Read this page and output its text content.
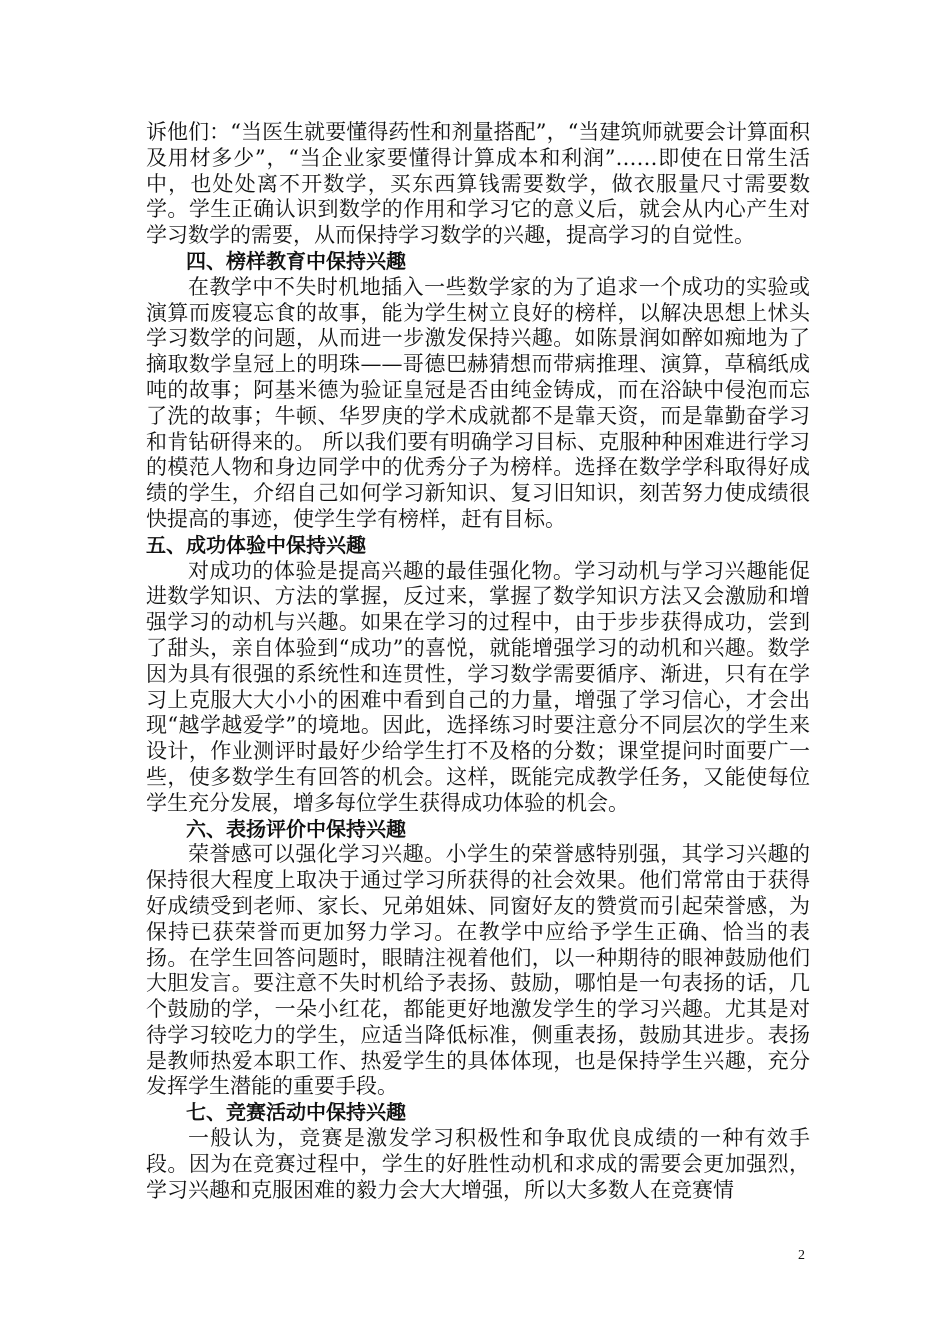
诉他们：“当医生就要懂得药性和剂量搭配”，“当建筑师就要会计算面积及用材多少”，“当企业家要懂得计算成本和利润”……即使在日常生活中，也处处离不开数学，买东西算钱需要数学，做衣服量尺寸需要数学。学生正确认识到数学的作用和学习它的意义后，就会从内心产生对学习数学的需要，从而保持学习数学的兴趣，提高学习的自觉性。

四、榜样教育中保持兴趣

在教学中不失时机地插入一些数学家的为了追求一个成功的实验或演算而废寝忘食的故事，能为学生树立良好的榜样，以解决思想上怵头学习数学的问题，从而进一步激发保持兴趣。如陈景润如醉如痴地为了摘取数学皇冠上的明珠——哥德巴赫猜想而带病推理、演算，草稿纸成吨的故事；阿基米德为验证皇冠是否由纯金铸成，而在浴缺中侵泡而忘了洗的故事；牛顿、华罗庚的学术成就都不是靠天资，而是靠勤奋学习和肯钻研得来的。 所以我们要有明确学习目标、克服种种困难进行学习的模范人物和身边同学中的优秀分子为榜样。选择在数学学科取得好成绩的学生，介绍自己如何学习新知识、复习旧知识，刻苦努力使成绩很快提高的事迹，使学生学有榜样，赶有目标。

五、成功体验中保持兴趣

对成功的体验是提高兴趣的最佳强化物。学习动机与学习兴趣能促进数学知识、方法的掌握，反过来，掌握了数学知识方法又会激励和增强学习的动机与兴趣。如果在学习的过程中，由于步步获得成功，尝到了甜头，亲自体验到“成功”的喜悦，就能增强学习的动机和兴趣。数学因为具有很强的系统性和连贯性，学习数学需要循序、渐进，只有在学习上克服大大小小的困难中看到自己的力量，增强了学习信心，才会出现“越学越爱学”的境地。因此，选择练习时要注意分不同层次的学生来设计，作业测评时最好少给学生打不及格的分数；课堂提问时面要广一些，使多数学生有回答的机会。这样，既能完成教学任务，又能使每位学生充分发展，增多每位学生获得成功体验的机会。

六、表扬评价中保持兴趣

荣誉感可以强化学习兴趣。小学生的荣誉感特别强，其学习兴趣的保持很大程度上取决于通过学习所获得的社会效果。他们常常由于获得好成绩受到老师、家长、兄弟姐妹、同窗好友的赞赏而引起荣誉感，为保持已获荣誉而更加努力学习。在教学中应给予学生正确、恰当的表扬。在学生回答问题时，眼睛注视着他们，以一种期待的眼神鼓励他们大胆发言。要注意不失时机给予表扬、鼓励，哪怕是一句表扬的话，几个鼓励的学，一朵小红花，都能更好地激发学生的学习兴趣。尤其是对待学习较吃力的学生，应适当降低标准，侧重表扬，鼓励其进步。表扬是教师热爱本职工作、热爱学生的具体体现，也是保持学生兴趣，充分发挥学生潜能的重要手段。

七、竞赛活动中保持兴趣

一般认为，竞赛是激发学习积极性和争取优良成绩的一种有效手段。因为在竞赛过程中，学生的好胜性动机和求成的需要会更加强烈，学习兴趣和克服困难的毅力会大大增强，所以大多数人在竞赛情

2
